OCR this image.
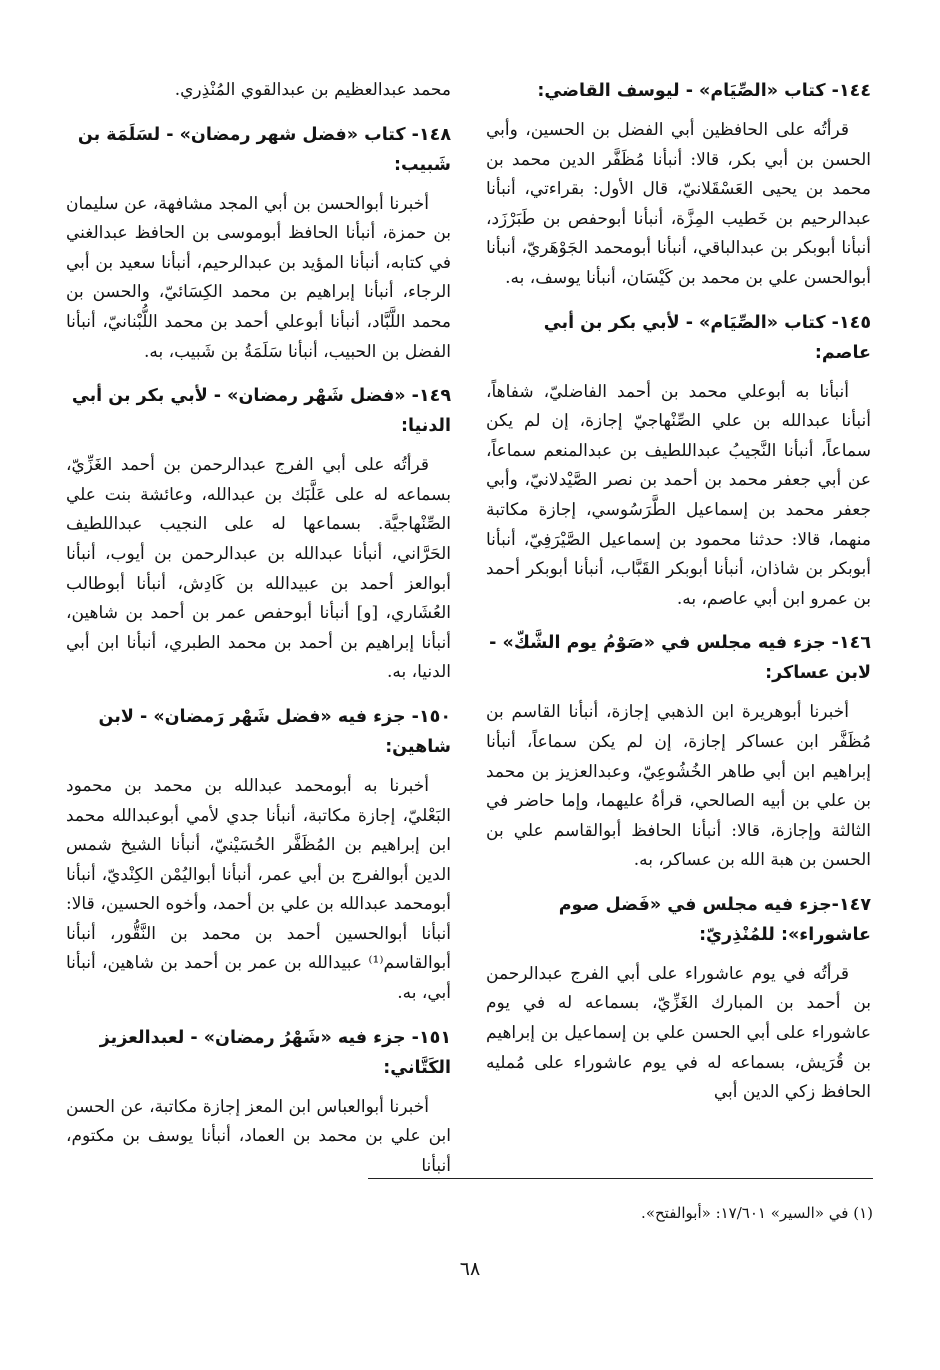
١٤٤- كتاب «الصِّيَام» - ليوسف القاضي:

قرأتُه على الحافظين أبي الفضل بن الحسين، وأبي الحسن بن أبي بكر، قالا: أنبأنا مُظَفَّر الدين محمد بن محمد بن يحيى العَسْقَلانيّ، قال الأول: بقراءتي، أنبأنا عبدالرحيم بن خَطيب المِزَّة، أنبأنا أبوحفص بن طَبَرْزَد، أنبأنا أبوبكر بن عبدالباقي، أنبأنا أبومحمد الجَوْهَريّ، أنبأنا أبوالحسن علي بن محمد بن كَيْسَان، أنبأنا يوسف، به.

١٤٥- كتاب «الصِّيَام» - لأبي بكر بن أبي عاصم:

أنبأنا به أبوعلي محمد بن أحمد الفاضليّ، شفاهاً، أنبأنا عبدالله بن علي الصِّنْهاجيّ إجازة، إن لم يكن سماعاً، أنبأنا النَّجيبُ عبداللطيف بن عبدالمنعم سماعاً، عن أبي جعفر محمد بن أحمد بن نصر الصَّيْدلانيّ، وأبي جعفر محمد بن إسماعيل الطَّرَسُوسي، إجازة مكاتبة منهما، قالا: حدثنا محمود بن إسماعيل الصَّيْرَفِيّ، أنبأنا أبوبكر بن شاذان، أنبأنا أبوبكر القَبَّاب، أنبأنا أبوبكر أحمد بن عمرو ابن أبي عاصم، به.

١٤٦- جزء فيه مجلس في «صَوْمُ يوم الشَّكّ» - لابن عساكر:

أخبرنا أبوهريرة ابن الذهبي إجازة، أنبأنا القاسم بن مُظَفَّر ابن عساكر إجازة، إن لم يكن سماعاً، أنبأنا إبراهيم ابن أبي طاهر الخُشُوعِيّ، وعبدالعزيز بن محمد بن علي بن أبيه الصالحي، قرأهُ عليهما، وإما حاضر في الثالثة وإجازة، قالا: أنبأنا الحافظ أبوالقاسم علي بن الحسن بن هبة الله بن عساكر، به.

١٤٧-جزء فيه مجلس في «فَضل صوم عاشوراء»: للمُنْذِريّ:

قرأتُه في يوم عاشوراء على أبي الفرج عبدالرحمن بن أحمد بن المبارك الغَزِّيّ، بسماعه له في يوم عاشوراء على أبي الحسن علي بن إسماعيل بن إبراهيم بن قُرَيش، بسماعه له في يوم عاشوراء على مُمليه الحافظ زكي الدين أبي

محمد عبدالعظيم بن عبدالقوي المُنْذِري.

١٤٨- كتاب «فضل شهر رمضان» - لسَلَمَة بن شَبيب:

أخبرنا أبوالحسن بن أبي المجد مشافهة، عن سليمان بن حمزة، أنبأنا الحافظ أبوموسى بن الحافظ عبدالغني في كتابه، أنبأنا المؤيد بن عبدالرحيم، أنبأنا سعيد بن أبي الرجاء، أنبأنا إبراهيم بن محمد الكِسَائيّ، والحسن بن محمد اللَّبَّاد، أنبأنا أبوعلي أحمد بن محمد اللُّبْنانيّ، أنبأنا الفضل بن الحبيب، أنبأنا سَلَمَةُ بن شَبيب، به.

١٤٩- «فضل شَهْر رمضان» - لأبي بكر بن أبي الدنيا:

قرأتُه على أبي الفرج عبدالرحمن بن أحمد الغَزِّيّ، بسماعه له على عَلَّبَك بن عبدالله، وعائشة بنت علي الصِّنْهاجيَّة. بسماعها له على النجيب عبداللطيف الحَرَّاني، أنبأنا عبدالله بن عبدالرحمن بن أيوب، أنبأنا أبوالعز أحمد بن عبيدالله بن كَادِش، أنبأنا أبوطالب العُشَاري، [و] أنبأنا أبوحفص عمر بن أحمد بن شاهين، أنبأنا إبراهيم بن أحمد بن محمد الطبري، أنبأنا ابن أبي الدنيا، به.

١٥٠- جزء فيه «فضل شَهْر رَمضان» - لابن شاهين:

أخبرنا به أبومحمد عبدالله بن محمد بن محمود البَعْليّ، إجازة مكاتبة، أنبأنا جدي لأمي أبوعبدالله محمد ابن إبراهيم بن المُظَفَّر الحُسَيْنيّ، أنبأنا الشيخ شمس الدين أبوالفرج بن أبي عمر، أنبأنا أبواليُمْن الكِنْديّ، أنبأنا أبومحمد عبدالله بن علي بن أحمد، وأخوه الحسين، قالا: أنبأنا أبوالحسين أحمد بن محمد بن النَّقُّور، أنبأنا أبوالقاسم⁽¹⁾ عبيدالله بن عمر بن أحمد بن شاهين، أنبأنا أبي، به.

١٥١- جزء فيه «شَهْرُ رمضان» - لعبدالعزيز الكَتَّاني:

أخبرنا أبوالعباس ابن المعز إجازة مكاتبة، عن الحسن ابن علي بن محمد بن العماد، أنبأنا يوسف بن مكتوم، أنبأنا

(١) في «السير» ١٧/٦٠١: «أبوالفتح».
٦٨
